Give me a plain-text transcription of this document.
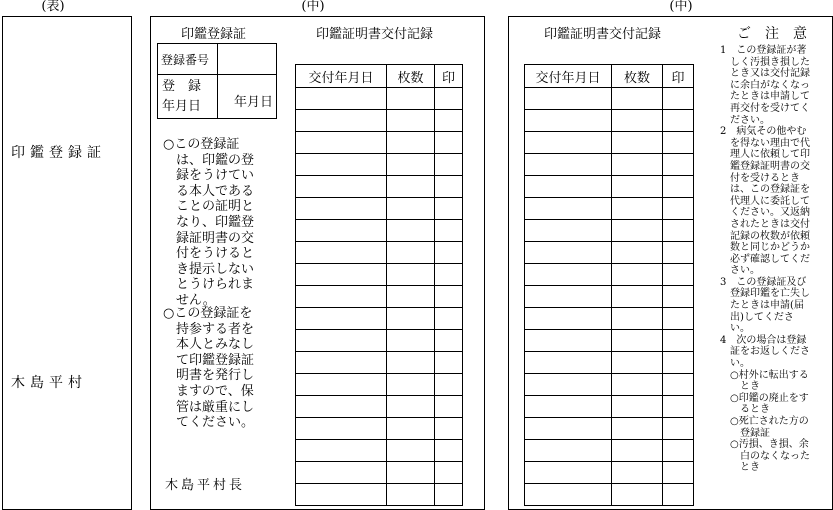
(表)	(中)	(中)
印鑑登録証
木島平村
印鑑登録証
登録番号	

登　録
年月日	年月日
○この登録証
　は、印鑑の登
　録をうけてい
　る本人である
　ことの証明と
　なり、印鑑登
　録証明書の交
　付をうけると
　き提示しない
　とうけられま
　せん。
○この登録証を
　持参する者を
　本人とみなし
　て印鑑登録証
　明書を発行し
　ますので、保
　管は厳重にし
　てください。
木島平村長
印鑑証明書交付記録
交付年月日	枚数	印

印鑑証明書交付記録
交付年月日	枚数	印

ご　注　意
1　この登録証が著
　しく汚損き損した
　とき又は交付記録
　に余白がなくなっ
　たときは申請して
　再交付を受けてく
　ださい。
2　病気その他やむ
　を得ない理由で代
　理人に依頼して印
　鑑登録証明書の交
　付を受けるとき
　は、この登録証を
　代理人に委託して
　ください。又返納
　されたときは交付
　記録の枚数が依頼
　数と同じかどうか
　必ず確認してくだ
　さい。
3　この登録証及び
　登録印鑑を亡失し
　たときは申請(届
　出)してくださ
　い。
4　次の場合は登録
　証をお返しくださ
　い。
　○村外に転出する
　　とき
　○印鑑の廃止をす
　　るとき
　○死亡された方の
　　登録証
　○汚損、き損、余
　　白のなくなった
　　とき
